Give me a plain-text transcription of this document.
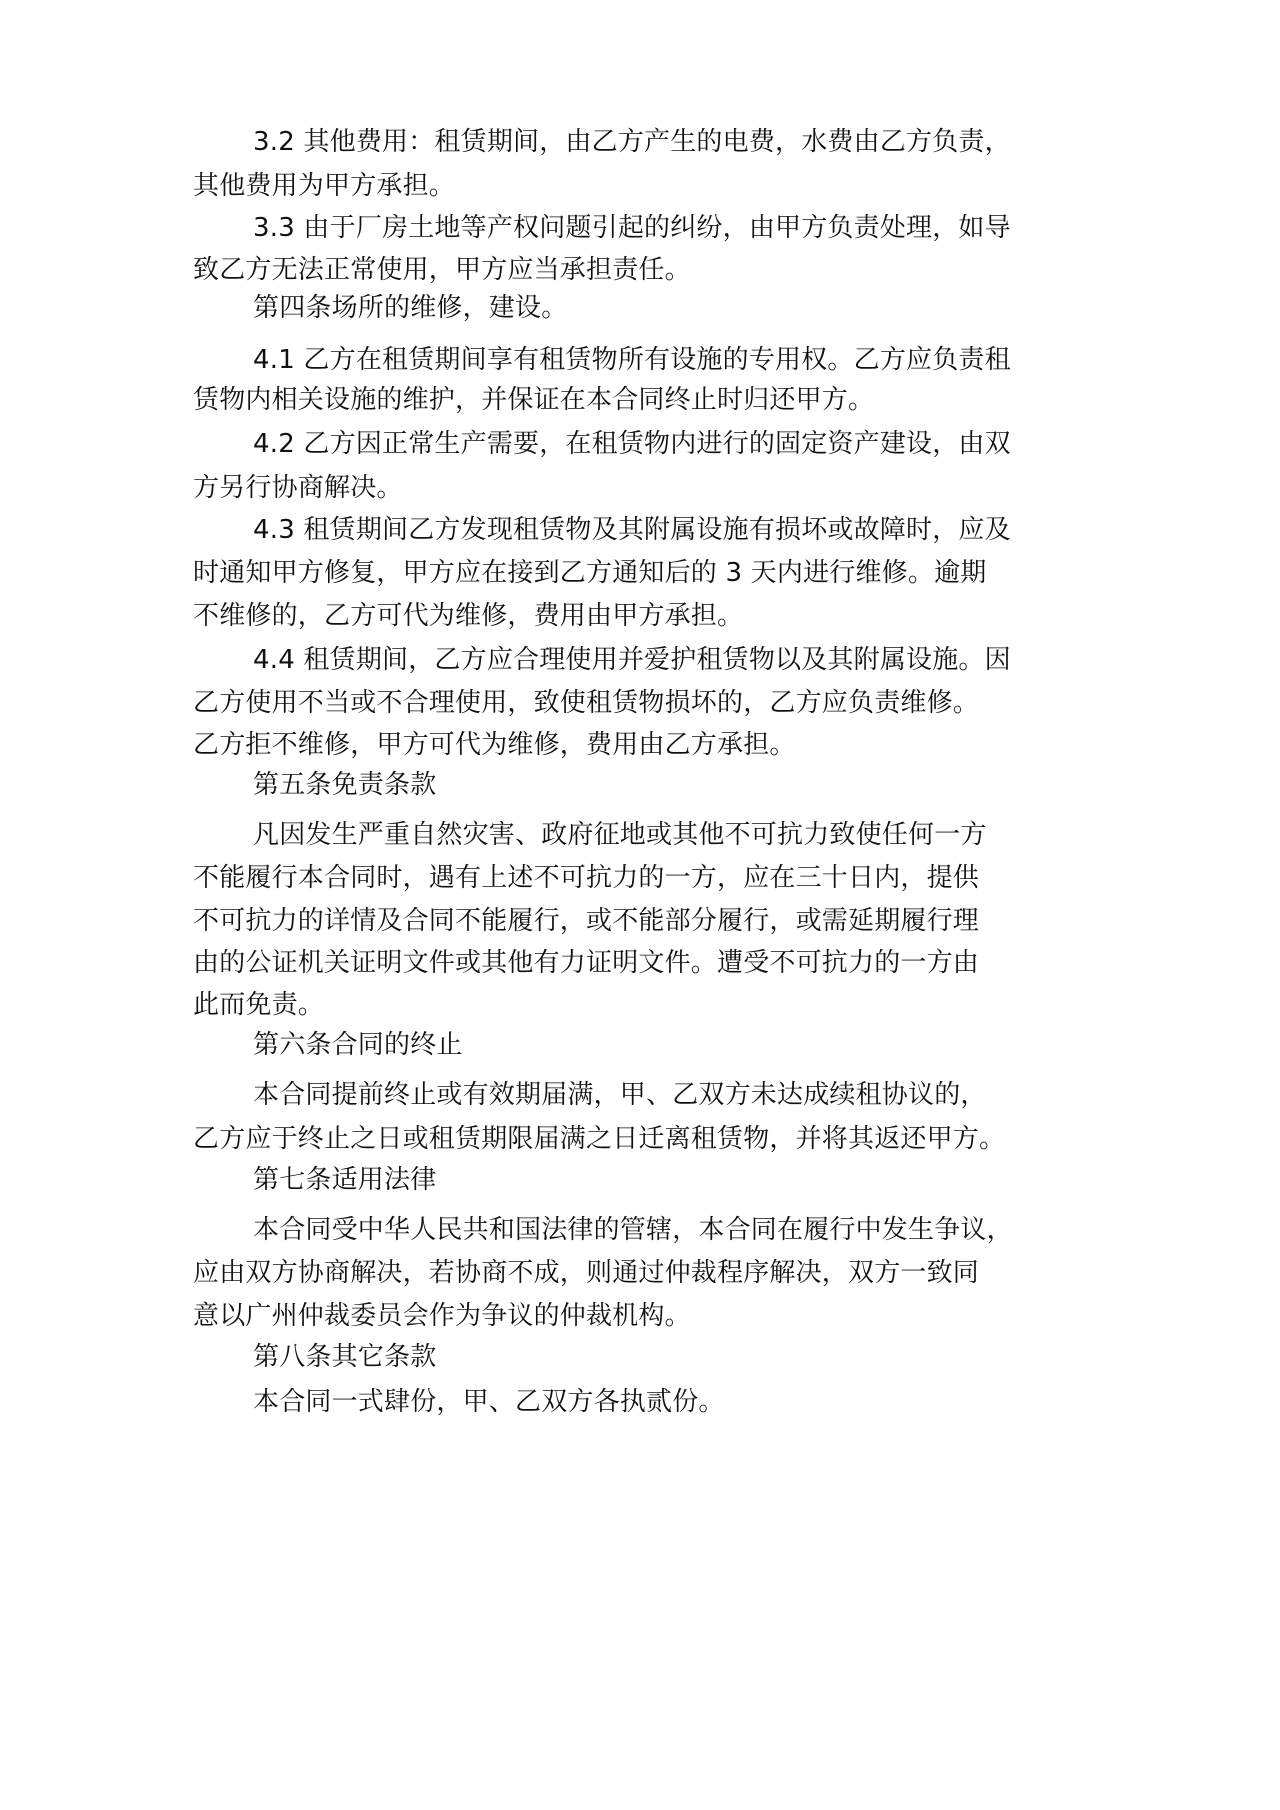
3.2 其他费用：租赁期间，由乙方产生的电费，水费由乙方负责，
其他费用为甲方承担。
3.3 由于厂房土地等产权问题引起的纠纷，由甲方负责处理，如导
致乙方无法正常使用，甲方应当承担责任。
第四条场所的维修，建设。
4.1 乙方在租赁期间享有租赁物所有设施的专用权。乙方应负责租
赁物内相关设施的维护，并保证在本合同终止时归还甲方。
4.2 乙方因正常生产需要，在租赁物内进行的固定资产建设，由双
方另行协商解决。
4.3 租赁期间乙方发现租赁物及其附属设施有损坏或故障时，应及
时通知甲方修复，甲方应在接到乙方通知后的 3 天内进行维修。逾期
不维修的，乙方可代为维修，费用由甲方承担。
4.4 租赁期间，乙方应合理使用并爱护租赁物以及其附属设施。因
乙方使用不当或不合理使用，致使租赁物损坏的，乙方应负责维修。
乙方拒不维修，甲方可代为维修，费用由乙方承担。
第五条免责条款
凡因发生严重自然灾害、政府征地或其他不可抗力致使任何一方
不能履行本合同时，遇有上述不可抗力的一方，应在三十日内，提供
不可抗力的详情及合同不能履行，或不能部分履行，或需延期履行理
由的公证机关证明文件或其他有力证明文件。遭受不可抗力的一方由
此而免责。
第六条合同的终止
本合同提前终止或有效期届满，甲、乙双方未达成续租协议的，
乙方应于终止之日或租赁期限届满之日迁离租赁物，并将其返还甲方。
第七条适用法律
本合同受中华人民共和国法律的管辖，本合同在履行中发生争议，
应由双方协商解决，若协商不成，则通过仲裁程序解决，双方一致同
意以广州仲裁委员会作为争议的仲裁机构。
第八条其它条款
本合同一式肆份，甲、乙双方各执贰份。
